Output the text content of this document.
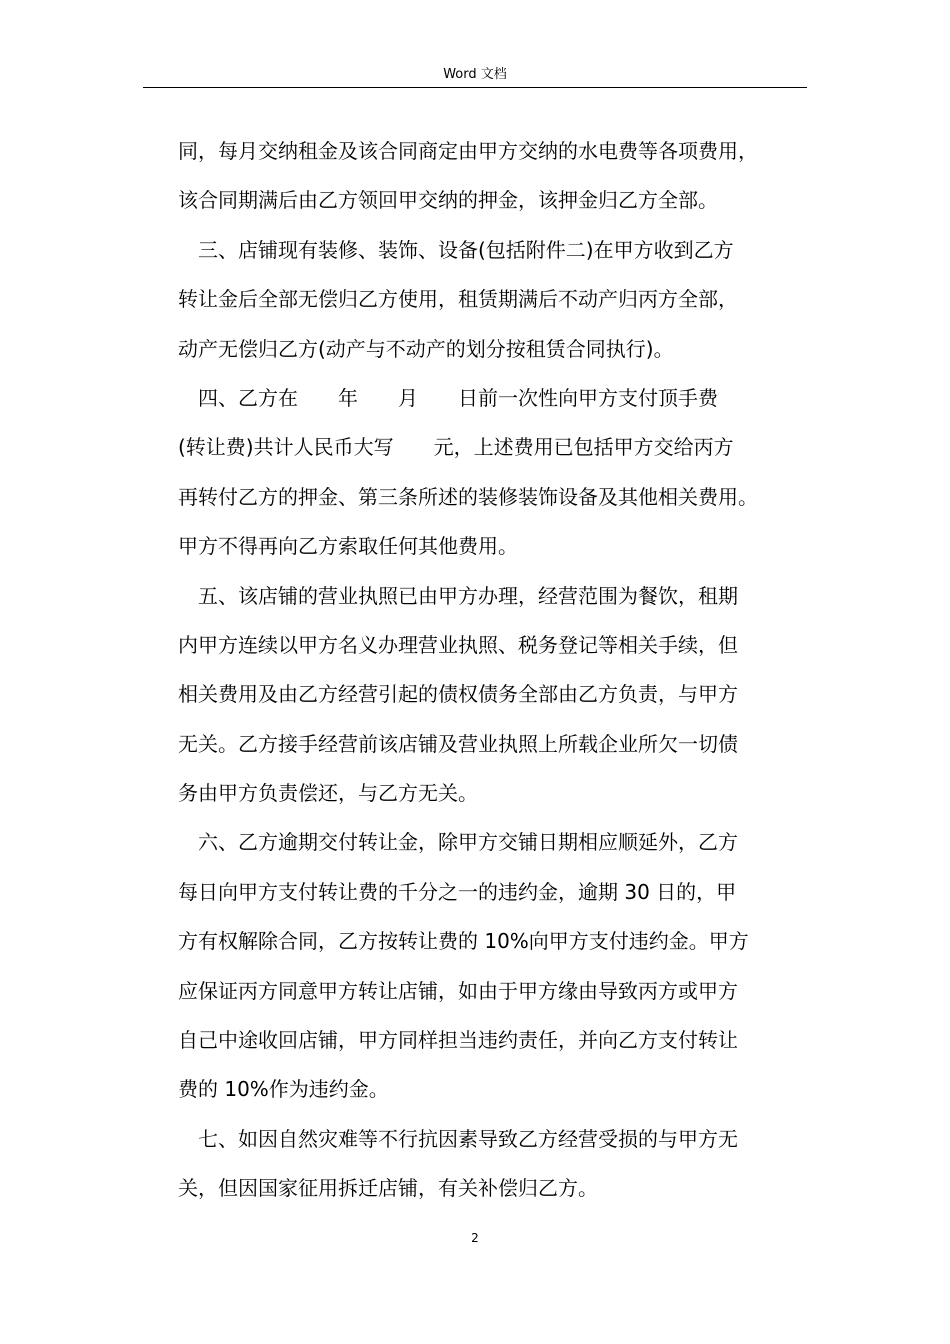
Word 文档
同，每月交纳租金及该合同商定由甲方交纳的水电费等各项费用，
该合同期满后由乙方领回甲交纳的押金，该押金归乙方全部。
三、店铺现有装修、装饰、设备(包括附件二)在甲方收到乙方
转让金后全部无偿归乙方使用，租赁期满后不动产归丙方全部，
动产无偿归乙方(动产与不动产的划分按租赁合同执行)。
四、乙方在　　年　　月　　日前一次性向甲方支付顶手费
(转让费)共计人民币大写　　元，上述费用已包括甲方交给丙方
再转付乙方的押金、第三条所述的装修装饰设备及其他相关费用。
甲方不得再向乙方索取任何其他费用。
五、该店铺的营业执照已由甲方办理，经营范围为餐饮，租期
内甲方连续以甲方名义办理营业执照、税务登记等相关手续，但
相关费用及由乙方经营引起的债权债务全部由乙方负责，与甲方
无关。乙方接手经营前该店铺及营业执照上所载企业所欠一切债
务由甲方负责偿还，与乙方无关。
六、乙方逾期交付转让金，除甲方交铺日期相应顺延外，乙方
每日向甲方支付转让费的千分之一的违约金，逾期 30 日的，甲
方有权解除合同，乙方按转让费的 10%向甲方支付违约金。甲方
应保证丙方同意甲方转让店铺，如由于甲方缘由导致丙方或甲方
自己中途收回店铺，甲方同样担当违约责任，并向乙方支付转让
费的 10%作为违约金。
七、如因自然灾难等不行抗因素导致乙方经营受损的与甲方无
关，但因国家征用拆迁店铺，有关补偿归乙方。
2
